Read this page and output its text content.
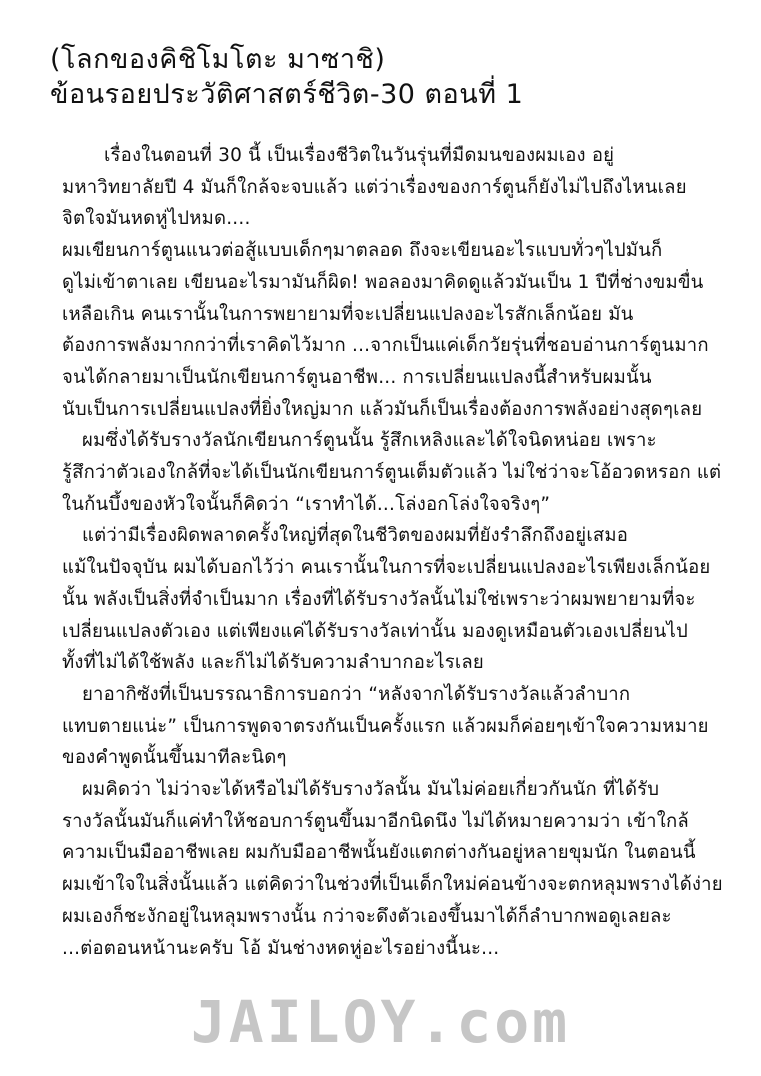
(โลกของคิชิโมโตะ มาซาชิ)
ข้อนรอยประวัติศาสตร์ชีวิต-30 ตอนที่ 1
เรื่องในตอนที่ 30 นี้ เป็นเรื่องชีวิตในวันรุ่นที่มืดมนของผมเอง อยู่
มหาวิทยาลัยปี 4 มันก็ใกล้จะจบแล้ว แต่ว่าเรื่องของการ์ตูนก็ยังไม่ไปถึงไหนเลย
จิตใจมันหดหู่ไปหมด....
ผมเขียนการ์ตูนแนวต่อสู้แบบเด็กๆมาตลอด ถึงจะเขียนอะไรแบบทั่วๆไปมันก็
ดูไม่เข้าตาเลย เขียนอะไรมามันก็ผิด! พอลองมาคิดดูแล้วมันเป็น 1 ปีที่ช่างขมขื่น
เหลือเกิน คนเรานั้นในการพยายามที่จะเปลี่ยนแปลงอะไรสักเล็กน้อย มัน
ต้องการพลังมากกว่าที่เราคิดไว้มาก ...จากเป็นแค่เด็กวัยรุ่นที่ชอบอ่านการ์ตูนมาก
จนได้กลายมาเป็นนักเขียนการ์ตูนอาชีพ... การเปลี่ยนแปลงนี้สำหรับผมนั้น
นับเป็นการเปลี่ยนแปลงที่ยิ่งใหญ่มาก แล้วมันก็เป็นเรื่องต้องการพลังอย่างสุดๆเลย
ผมซึ่งได้รับรางวัลนักเขียนการ์ตูนนั้น รู้สึกเหลิงและได้ใจนิดหน่อย เพราะ
รู้สึกว่าตัวเองใกล้ที่จะได้เป็นนักเขียนการ์ตูนเต็มตัวแล้ว ไม่ใช่ว่าจะโอ้อวดหรอก แต่
ในก้นบึ้งของหัวใจนั้นก็คิดว่า “เราทำได้...โล่งอกโล่งใจจริงๆ”
แต่ว่ามีเรื่องผิดพลาดครั้งใหญ่ที่สุดในชีวิตของผมที่ยังรำลึกถึงอยู่เสมอ
แม้ในปัจจุบัน ผมได้บอกไว้ว่า คนเรานั้นในการที่จะเปลี่ยนแปลงอะไรเพียงเล็กน้อย
นั้น พลังเป็นสิ่งที่จำเป็นมาก เรื่องที่ได้รับรางวัลนั้นไม่ใช่เพราะว่าผมพยายามที่จะ
เปลี่ยนแปลงตัวเอง แต่เพียงแค่ได้รับรางวัลเท่านั้น มองดูเหมือนตัวเองเปลี่ยนไป
ทั้งที่ไม่ได้ใช้พลัง และก็ไม่ได้รับความลำบากอะไรเลย
ยาอากิซังที่เป็นบรรณาธิการบอกว่า “หลังจากได้รับรางวัลแล้วลำบาก
แทบตายแน่ะ” เป็นการพูดจาตรงกันเป็นครั้งแรก แล้วผมก็ค่อยๆเข้าใจความหมาย
ของคำพูดนั้นขึ้นมาทีละนิดๆ
ผมคิดว่า ไม่ว่าจะได้หรือไม่ได้รับรางวัลนั้น มันไม่ค่อยเกี่ยวกันนัก ที่ได้รับ
รางวัลนั้นมันก็แค่ทำให้ชอบการ์ตูนขึ้นมาอีกนิดนึง ไม่ได้หมายความว่า เข้าใกล้
ความเป็นมืออาชีพเลย ผมกับมืออาชีพนั้นยังแตกต่างกันอยู่หลายขุมนัก ในตอนนี้
ผมเข้าใจในสิ่งนั้นแล้ว แต่คิดว่าในช่วงที่เป็นเด็กใหม่ค่อนข้างจะตกหลุมพรางได้ง่าย
ผมเองก็ชะงักอยู่ในหลุมพรางนั้น กว่าจะดึงตัวเองขึ้นมาได้ก็ลำบากพอดูเลยละ
...ต่อตอนหน้านะครับ โอ้ มันช่างหดหู่อะไรอย่างนี้นะ...
JAILOY.com
